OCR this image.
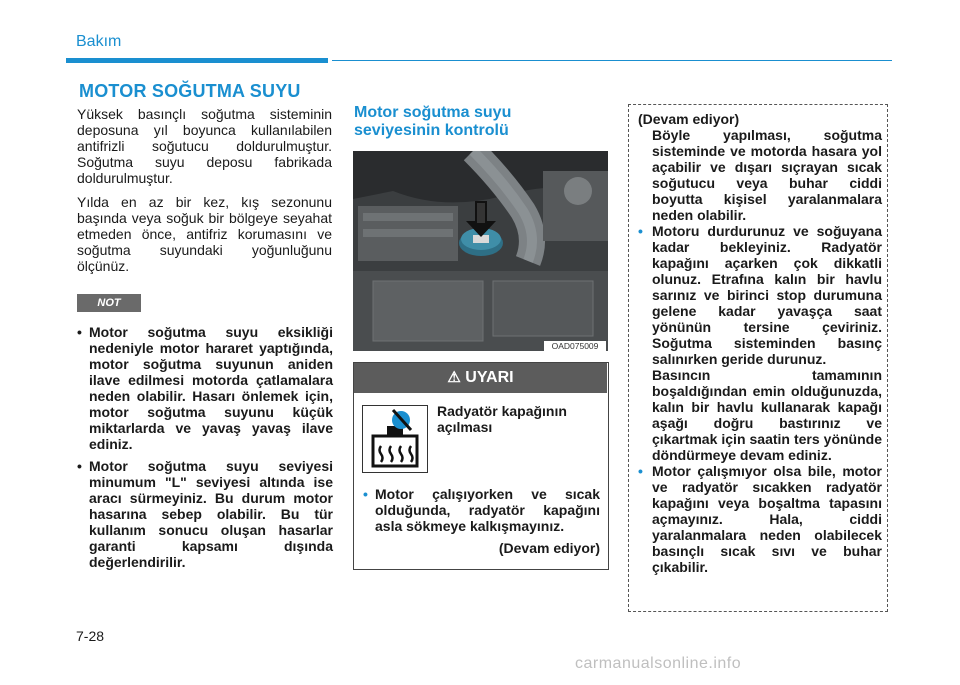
Bakım
MOTOR SOĞUTMA SUYU

Yüksek basınçlı soğutma sisteminin deposuna yıl boyunca kullanılabilen antifrizli soğutucu doldurulmuştur. Soğutma suyu deposu fabrikada doldurulmuştur.

Yılda en az bir kez, kış sezonunu başında veya soğuk bir bölgeye seyahat etmeden önce, antifriz korumasını ve soğutma suyundaki yoğunluğunu ölçünüz.

NOT
• Motor soğutma suyu eksikliği nedeniyle motor hararet yaptığında, motor soğutma suyunun aniden ilave edilmesi motorda çatlamalara neden olabilir. Hasarı önlemek için, motor soğutma suyunu küçük miktarlarda ve yavaş yavaş ilave ediniz.
• Motor soğutma suyu seviyesi minumum "L" seviyesi altında ise aracı sürmeyiniz. Bu durum motor hasarına sebep olabilir. Bu tür kullanım sonucu oluşan hasarlar garanti kapsamı dışında değerlendirilir.
Motor soğutma suyu seviyesinin kontrolü
OAD075009
⚠ UYARI
Radyatör kapağının açılması
• Motor çalışıyorken ve sıcak olduğunda, radyatör kapağını asla sökmeye kalkışmayınız.
(Devam ediyor)
(Devam ediyor)
Böyle yapılması, soğutma sisteminde ve motorda hasara yol açabilir ve dışarı sıçrayan sıcak soğutucu veya buhar ciddi boyutta kişisel yaralanmalara neden olabilir.
• Motoru durdurunuz ve soğuyana kadar bekleyiniz. Radyatör kapağını açarken çok dikkatli olunuz. Etrafına kalın bir havlu sarınız ve birinci stop durumuna gelene kadar yavaşça saat yönünün tersine çeviriniz. Soğutma sisteminden basınç salınırken geride durunuz.
Basıncın tamamının boşaldığından emin olduğunuzda, kalın bir havlu kullanarak kapağı aşağı doğru bastırınız ve çıkartmak için saatin ters yönünde döndürmeye devam ediniz.
• Motor çalışmıyor olsa bile, motor ve radyatör sıcakken radyatör kapağını veya boşaltma tapasını açmayınız. Hala, ciddi yaralanmalara neden olabilecek basınçlı sıcak sıvı ve buhar çıkabilir.
7-28
carmanualsonline.info
